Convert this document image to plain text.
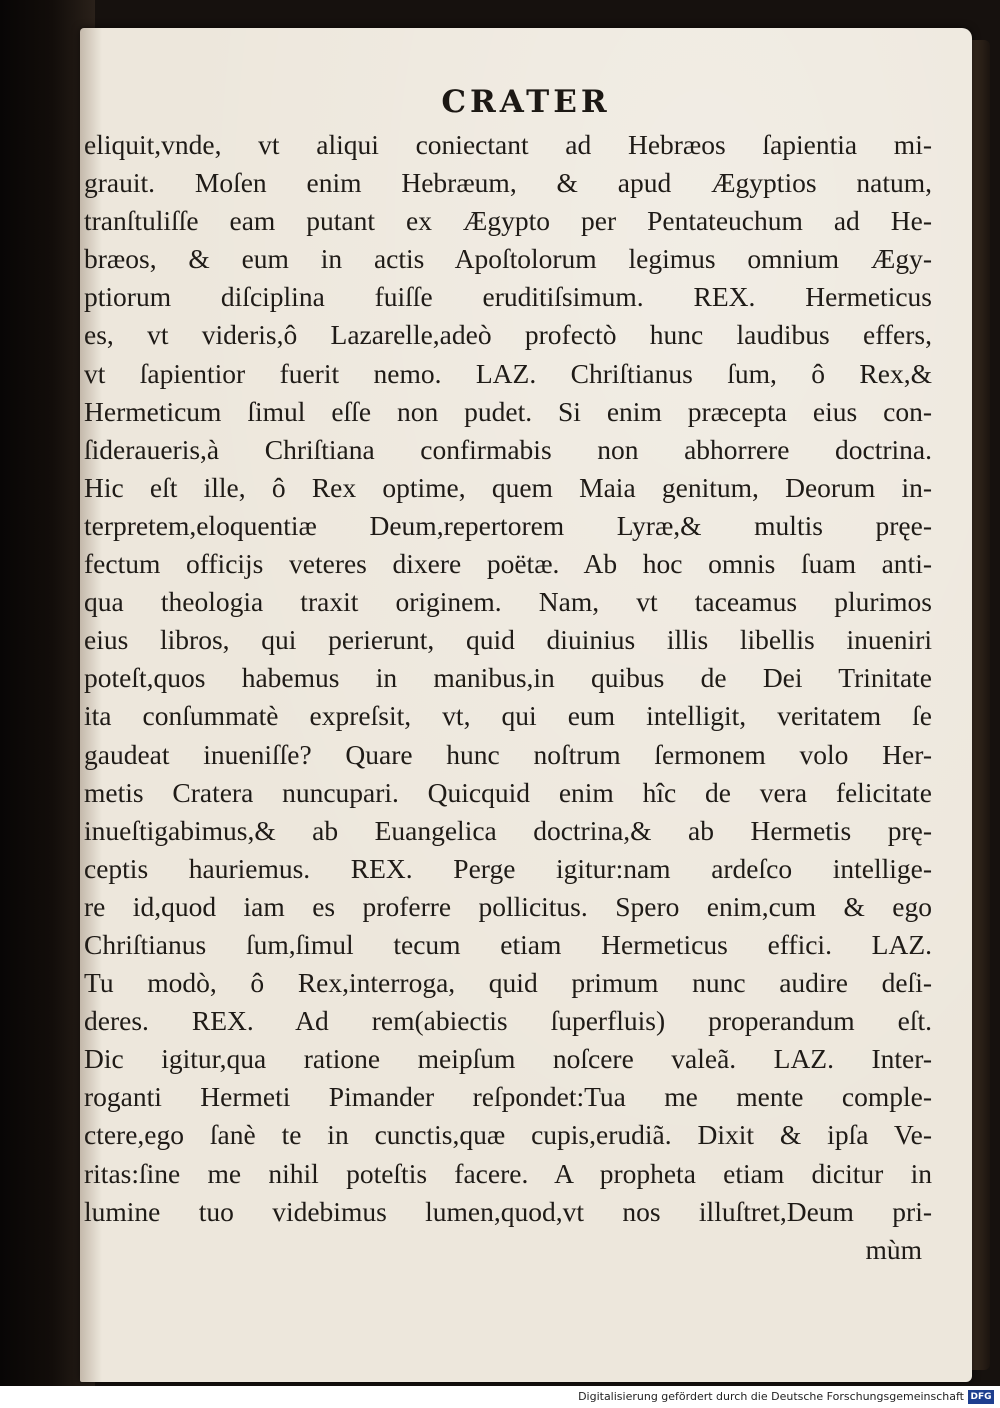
CRATER
eliquit,vnde, vt aliqui coniectant ad Hebræos ſapientia mi-
grauit. Moſen enim Hebræum, & apud Ægyptios natum,
tranſtuliſſe eam putant ex Ægypto per Pentateuchum ad He-
bræos, & eum in actis Apoſtolorum legimus omnium Ægy-
ptiorum diſciplina fuiſſe eruditiſsimum. REX. Hermeticus
es, vt videris,ô Lazarelle,adeò profectò hunc laudibus effers,
vt ſapientior fuerit nemo. LAZ. Chriſtianus ſum, ô Rex,&
Hermeticum ſimul eſſe non pudet. Si enim præcepta eius con-
ſideraueris,à Chriſtiana confirmabis non abhorrere doctrina.
Hic eſt ille, ô Rex optime, quem Maia genitum, Deorum in-
terpretem,eloquentiæ Deum,repertorem Lyræ,& multis pręe-
fectum officijs veteres dixere poëtæ. Ab hoc omnis ſuam anti-
qua theologia traxit originem. Nam, vt taceamus plurimos
eius libros, qui perierunt, quid diuinius illis libellis inueniri
poteſt,quos habemus in manibus,in quibus de Dei Trinitate
ita conſummatè expreſsit, vt, qui eum intelligit, veritatem ſe
gaudeat inueniſſe? Quare hunc noſtrum ſermonem volo Her-
metis Cratera nuncupari. Quicquid enim hîc de vera felicitate
inueſtigabimus,& ab Euangelica doctrina,& ab Hermetis prę-
ceptis hauriemus. REX. Perge igitur:nam ardeſco intellige-
re id,quod iam es proferre pollicitus. Spero enim,cum & ego
Chriſtianus ſum,ſimul tecum etiam Hermeticus effici. LAZ.
Tu modò, ô Rex,interroga, quid primum nunc audire deſi-
deres. REX. Ad rem(abiectis ſuperfluis) properandum eſt.
Dic igitur,qua ratione meipſum noſcere valeã. LAZ. Inter-
roganti Hermeti Pimander reſpondet:Tua me mente comple-
ctere,ego ſanè te in cunctis,quæ cupis,erudiã. Dixit & ipſa Ve-
ritas:ſine me nihil poteſtis facere. A propheta etiam dicitur in
lumine tuo videbimus lumen,quod,vt nos illuſtret,Deum pri-
mùm
Digitalisierung gefördert durch die Deutsche Forschungsgemeinschaft DFG
